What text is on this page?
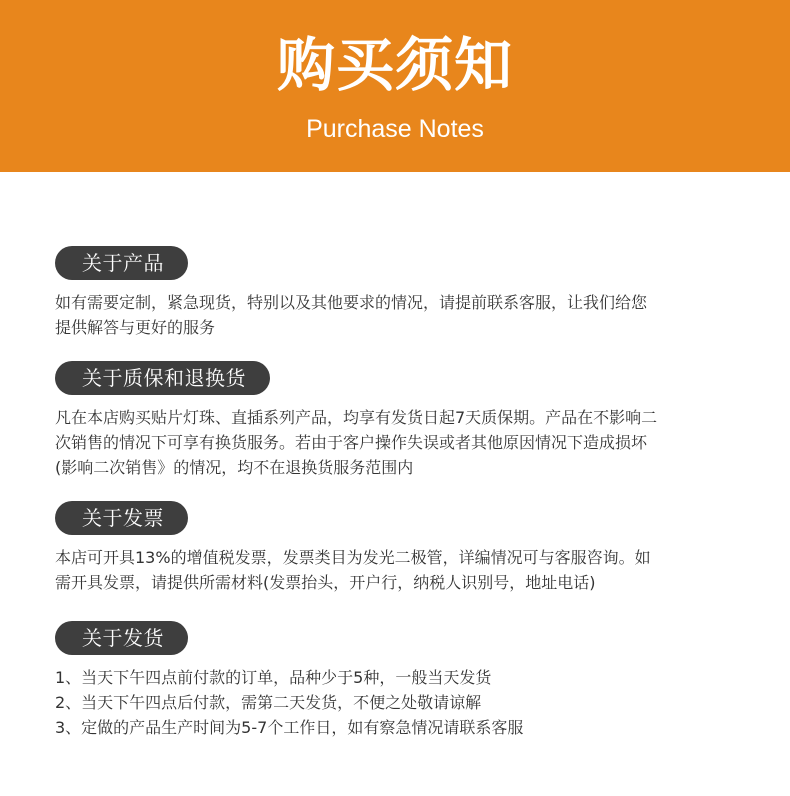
购买须知
Purchase Notes
关于产品
如有需要定制，紧急现货，特别以及其他要求的情况，请提前联系客服，让我们给您
提供解答与更好的服务
关于质保和退换货
凡在本店购买贴片灯珠、直插系列产品，均享有发货日起7天质保期。产品在不影响二
次销售的情况下可享有换货服务。若由于客户操作失误或者其他原因情况下造成损坏
(影响二次销售》的情况，均不在退换货服务范围内
关于发票
本店可开具13%的增值税发票，发票类目为发光二极管，详编情况可与客服咨询。如
需开具发票，请提供所需材料(发票抬头，开户行，纳税人识别号，地址电话)
关于发货
1、当天下午四点前付款的订单，品种少于5种，一般当天发货
2、当天下午四点后付款，需第二天发货，不便之处敬请谅解
3、定做的产品生产时间为5-7个工作日，如有察急情况请联系客服
